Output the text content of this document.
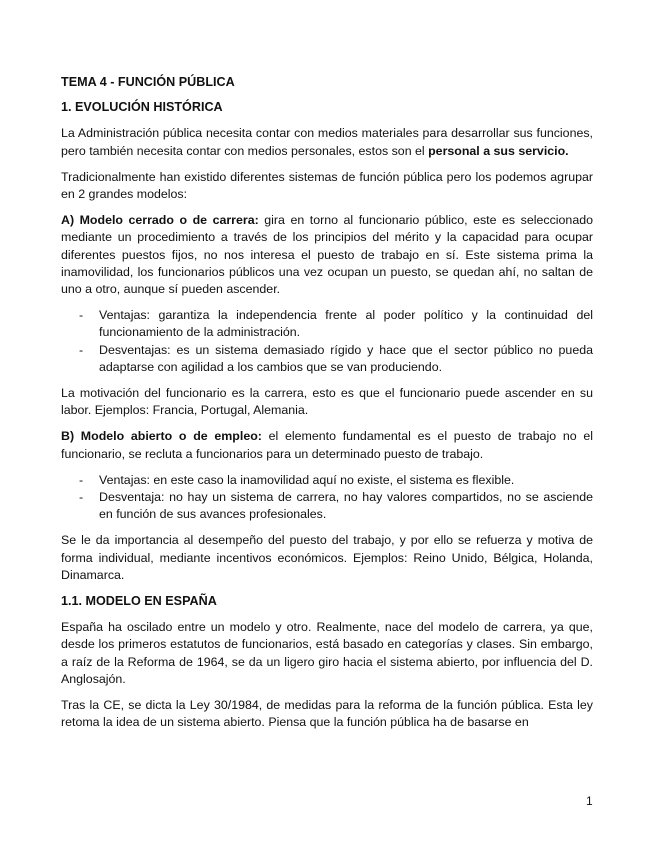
TEMA 4 - FUNCIÓN PÚBLICA
1. EVOLUCIÓN HISTÓRICA

La Administración pública necesita contar con medios materiales para desarrollar sus funciones, pero también necesita contar con medios personales, estos son el personal a sus servicio.

Tradicionalmente han existido diferentes sistemas de función pública pero los podemos agrupar en 2 grandes modelos:

A) Modelo cerrado o de carrera: gira en torno al funcionario público, este es seleccionado mediante un procedimiento a través de los principios del mérito y la capacidad para ocupar diferentes puestos fijos, no nos interesa el puesto de trabajo en sí. Este sistema prima la inamovilidad, los funcionarios públicos una vez ocupan un puesto, se quedan ahí, no saltan de uno a otro, aunque sí pueden ascender.

- Ventajas: garantiza la independencia frente al poder político y la continuidad del funcionamiento de la administración.
- Desventajas: es un sistema demasiado rígido y hace que el sector público no pueda adaptarse con agilidad a los cambios que se van produciendo.

La motivación del funcionario es la carrera, esto es que el funcionario puede ascender en su labor. Ejemplos: Francia, Portugal, Alemania.

B) Modelo abierto o de empleo: el elemento fundamental es el puesto de trabajo no el funcionario, se recluta a funcionarios para un determinado puesto de trabajo.

- Ventajas: en este caso la inamovilidad aquí no existe, el sistema es flexible.
- Desventaja: no hay un sistema de carrera, no hay valores compartidos, no se asciende en función de sus avances profesionales.

Se le da importancia al desempeño del puesto del trabajo, y por ello se refuerza y motiva de forma individual, mediante incentivos económicos. Ejemplos: Reino Unido, Bélgica, Holanda, Dinamarca.

1.1. MODELO EN ESPAÑA

España ha oscilado entre un modelo y otro. Realmente, nace del modelo de carrera, ya que, desde los primeros estatutos de funcionarios, está basado en categorías y clases. Sin embargo, a raíz de la Reforma de 1964, se da un ligero giro hacia el sistema abierto, por influencia del D. Anglosajón.

Tras la CE, se dicta la Ley 30/1984, de medidas para la reforma de la función pública. Esta ley retoma la idea de un sistema abierto. Piensa que la función pública ha de basarse en

1
